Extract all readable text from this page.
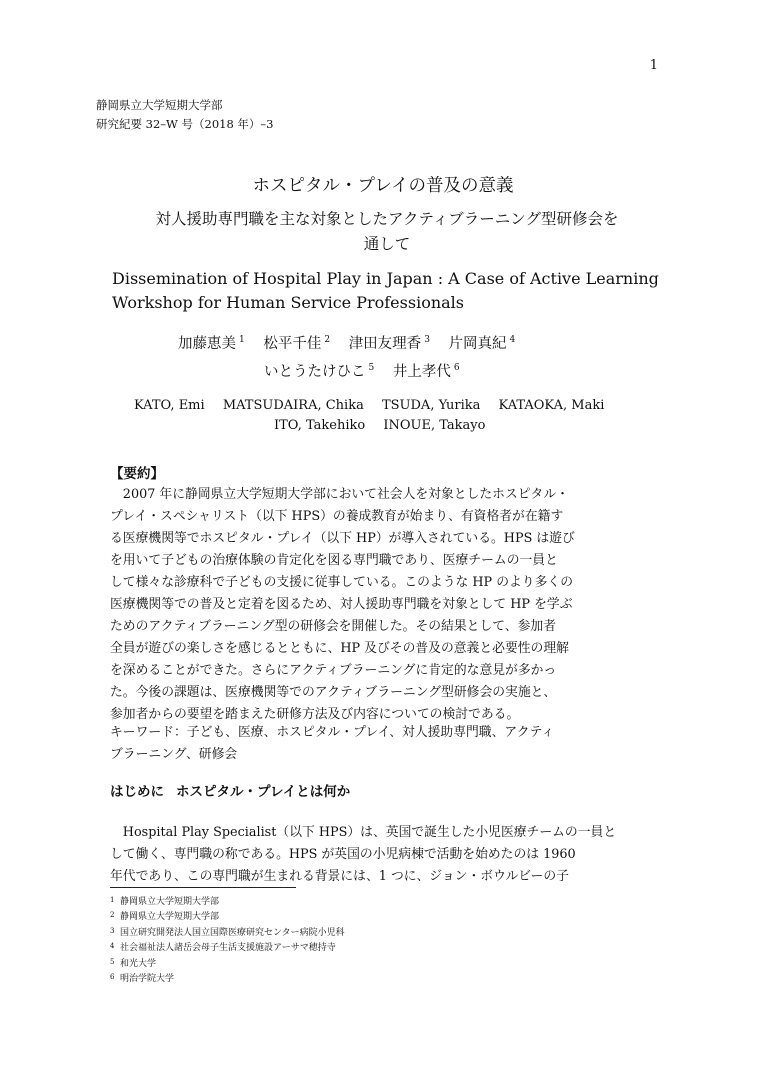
1
静岡県立大学短期大学部
研究紀要 32–W 号（2018 年）–3
ホスピタル・プレイの普及の意義
対人援助専門職を主な対象としたアクティブラーニング型研修会を
通して
Dissemination of Hospital Play in Japan : A Case of Active Learning
Workshop for Human Service Professionals
加藤恵美 $^1$ 松平千佳 $^2$ 津田友理香 $^3$ 片岡真紀 $^4$
いとうたけひこ $^5$ 井上孝代 $^6$
KATO, Emi MATSUDAIRA, Chika TSUDA, Yurika KATAOKA, Maki
ITO, Takehiko INOUE, Takayo
【要約】
　2007 年に静岡県立大学短期大学部において社会人を対象としたホスピタル・
プレイ・スペシャリスト（以下 HPS）の養成教育が始まり、有資格者が在籍す
る医療機関等でホスピタル・プレイ（以下 HP）が導入されている。HPS は遊び
を用いて子どもの治療体験の肯定化を図る専門職であり、医療チームの一員と
して様々な診療科で子どもの支援に従事している。このような HP のより多くの
医療機関等での普及と定着を図るため、対人援助専門職を対象として HP を学ぶ
ためのアクティブラーニング型の研修会を開催した。その結果として、参加者
全員が遊びの楽しさを感じるとともに、HP 及びその普及の意義と必要性の理解
を深めることができた。さらにアクティブラーニングに肯定的な意見が多かっ
た。今後の課題は、医療機関等でのアクティブラーニング型研修会の実施と、
参加者からの要望を踏まえた研修方法及び内容についての検討である。
キーワード：子ども、医療、ホスピタル・プレイ、対人援助専門職、アクティ
ブラーニング、研修会
はじめに ホスピタル・プレイとは何か
　Hospital Play Specialist（以下 HPS）は、英国で誕生した小児医療チームの一員と
して働く、専門職の称である。HPS が英国の小児病棟で活動を始めたのは 1960
年代であり、この専門職が生まれる背景には、1 つに、ジョン・ボウルビーの子
1 静岡県立大学短期大学部
2 静岡県立大学短期大学部
3 国立研究開発法人国立国際医療研究センター病院小児科
4 社会福祉法人諸岳会母子生活支援施設アーサマ穂持寺
5 和光大学
6 明治学院大学
